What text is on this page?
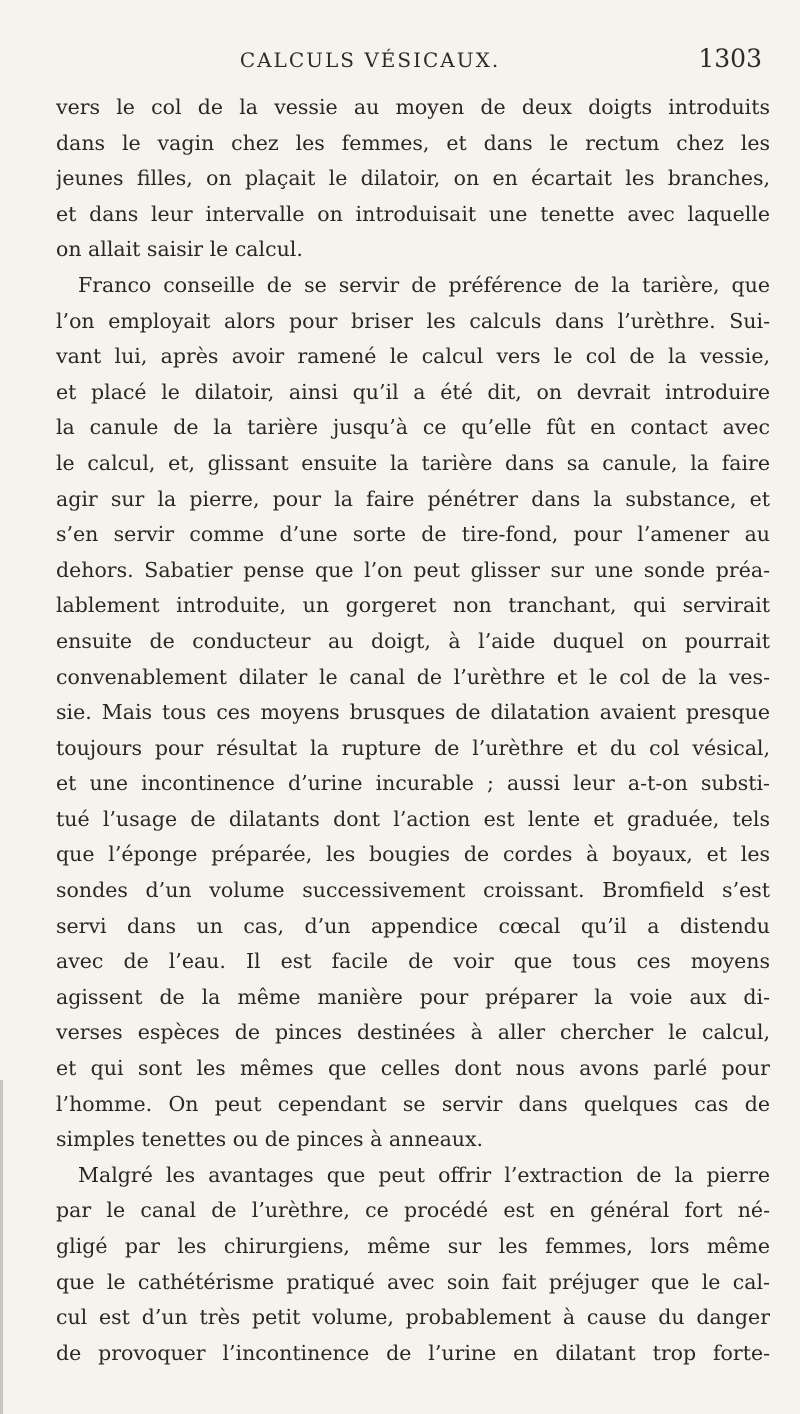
CALCULS VÉSICAUX.	1303
vers le col de la vessie au moyen de deux doigts introduits
dans le vagin chez les femmes, et dans le rectum chez les
jeunes filles, on plaçait le dilatoir, on en écartait les branches,
et dans leur intervalle on introduisait une tenette avec laquelle
on allait saisir le calcul.
Franco conseille de se servir de préférence de la tarière, que
l’on employait alors pour briser les calculs dans l’urèthre. Sui-
vant lui, après avoir ramené le calcul vers le col de la vessie,
et placé le dilatoir, ainsi qu’il a été dit, on devrait introduire
la canule de la tarière jusqu’à ce qu’elle fût en contact avec
le calcul, et, glissant ensuite la tarière dans sa canule, la faire
agir sur la pierre, pour la faire pénétrer dans la substance, et
s’en servir comme d’une sorte de tire-fond, pour l’amener au
dehors. Sabatier pense que l’on peut glisser sur une sonde préa-
lablement introduite, un gorgeret non tranchant, qui servirait
ensuite de conducteur au doigt, à l’aide duquel on pourrait
convenablement dilater le canal de l’urèthre et le col de la ves-
sie. Mais tous ces moyens brusques de dilatation avaient presque
toujours pour résultat la rupture de l’urèthre et du col vésical,
et une incontinence d’urine incurable ; aussi leur a-t-on substi-
tué l’usage de dilatants dont l’action est lente et graduée, tels
que l’éponge préparée, les bougies de cordes à boyaux, et les
sondes d’un volume successivement croissant. Bromfield s’est
servi dans un cas, d’un appendice cœcal qu’il a distendu
avec de l’eau. Il est facile de voir que tous ces moyens
agissent de la même manière pour préparer la voie aux di-
verses espèces de pinces destinées à aller chercher le calcul,
et qui sont les mêmes que celles dont nous avons parlé pour
l’homme. On peut cependant se servir dans quelques cas de
simples tenettes ou de pinces à anneaux.
Malgré les avantages que peut offrir l’extraction de la pierre
par le canal de l’urèthre, ce procédé est en général fort né-
gligé par les chirurgiens, même sur les femmes, lors même
que le cathétérisme pratiqué avec soin fait préjuger que le cal-
cul est d’un très petit volume, probablement à cause du danger
de provoquer l’incontinence de l’urine en dilatant trop forte-
